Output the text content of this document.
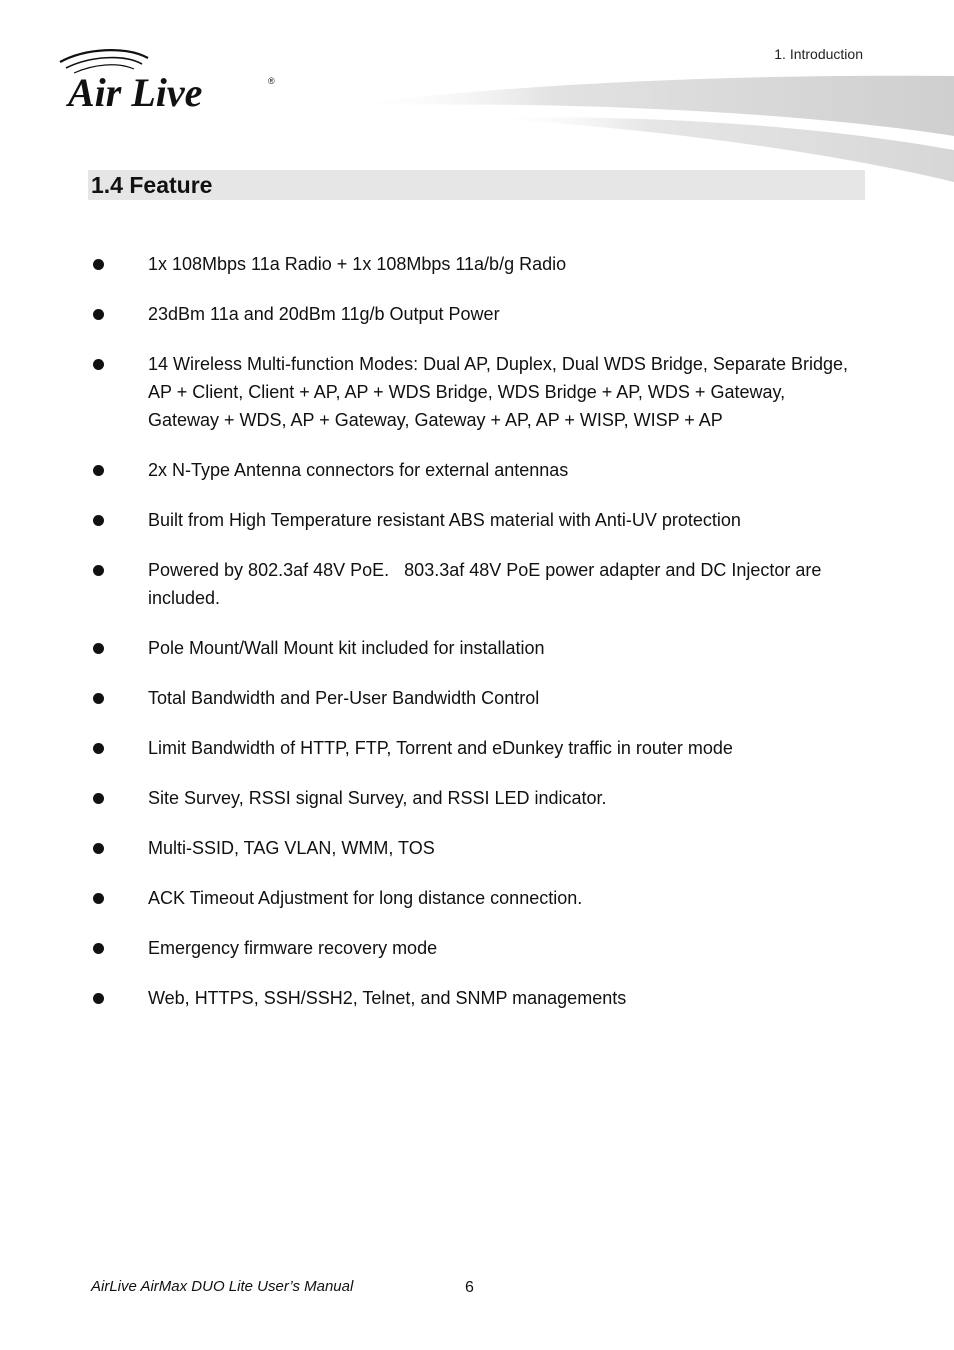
Air Live	®
1. Introduction
1.4 Feature
1x 108Mbps 11a Radio + 1x 108Mbps 11a/b/g Radio
23dBm 11a and 20dBm 11g/b Output Power
14 Wireless Multi-function Modes: Dual AP, Duplex, Dual WDS Bridge, Separate Bridge, AP + Client, Client + AP, AP + WDS Bridge, WDS Bridge + AP, WDS + Gateway, Gateway + WDS, AP + Gateway, Gateway + AP, AP + WISP, WISP + AP
2x N-Type Antenna connectors for external antennas
Built from High Temperature resistant ABS material with Anti-UV protection
Powered by 802.3af 48V PoE.   803.3af 48V PoE power adapter and DC Injector are included.
Pole Mount/Wall Mount kit included for installation
Total Bandwidth and Per-User Bandwidth Control
Limit Bandwidth of HTTP, FTP, Torrent and eDunkey traffic in router mode
Site Survey, RSSI signal Survey, and RSSI LED indicator.
Multi-SSID, TAG VLAN, WMM, TOS
ACK Timeout Adjustment for long distance connection.
Emergency firmware recovery mode
Web, HTTPS, SSH/SSH2, Telnet, and SNMP managements
AirLive AirMax DUO Lite User’s Manual	6
